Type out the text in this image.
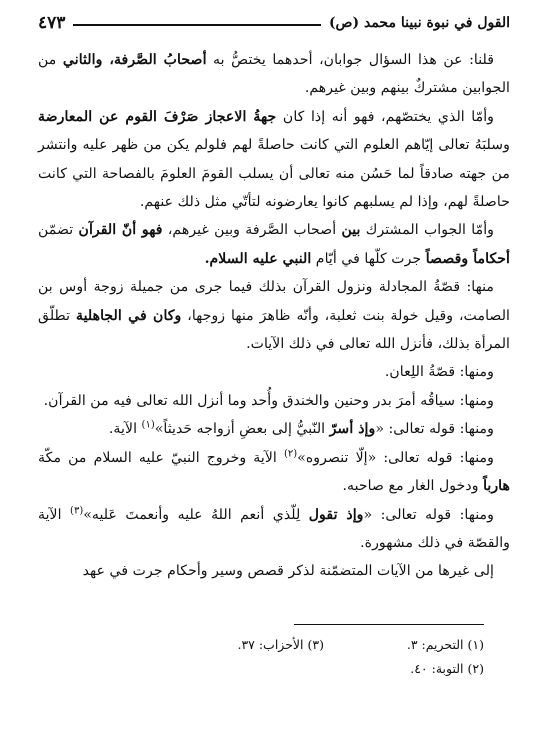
القول في نبوة نبينا محمد (ص)
٤٧٣

قلنا: عن هذا السؤال جوابان، أحدهما يختصُّ به أصحابُ الصَّرفة، والثاني من الجوابين مشتركٌ بينهم وبين غيرهم.

وأمّا الذي يختصّهم، فهو أنه إذا كان جهةُ الاعجاز صَرْفَ القوم عن المعارضة وسلبَهُ تعالى إيّاهم العلوم التي كانت حاصلةً لهم فلولم يكن من ظهر عليه وانتشر من جهته صادقاً لما حَسُن منه تعالى أن يسلب القومَ العلومَ بالفصاحة التي كانت حاصلةً لهم، وإذا لم يسلبهم كانوا يعارضونه لتأتّي مثل ذلك عنهم.

وأمّا الجواب المشترك بين أصحاب الصَّرفة وبين غيرهم، فهو أنّ القرآن تضمّن أحكاماً وقصصاً جرت كلّها في أيّام النبي عليه السلام.

منها: قصّةُ المجادلة ونزول القرآن بذلك فيما جرى من جميلة زوجة أوس بن الصامت، وقيل خولة بنت ثعلبة، وأنّه ظاهرَ منها زوجها، وكان في الجاهلية تطلّق المرأة بذلك، فأنزل الله تعالى في ذلك الآيات.

ومنها: قصّةُ اللِعان.

ومنها: سياقُه أمرَ بدر وحنين والخندق وأُحد وما أنزل الله تعالى فيه من القرآن.

ومنها: قوله تعالى: «وإذ أسرّ النّبيُّ إلى بعضِ أزواجه حَديثاً»$^{(١)}$ الآية.

ومنها: قوله تعالى: «إلّا تنصروه»$^{(٢)}$ الآية وخروج النبيّ عليه السلام من مكّة هارباً ودخول الغار مع صاحبه.

ومنها: قوله تعالى: «وإذ تقول لِلّذي أنعم اللهُ عليه وأنعمتَ عَليه»$^{(٣)}$ الآية والقصّة في ذلك مشهورة.

إلى غيرها من الآيات المتضمّنة لذكر قصص وسير وأحكام جرت في عهد

(١) التحريم: ٣.
(٣) الأحزاب: ٣٧.
(٢) التوبة: ٤٠.
